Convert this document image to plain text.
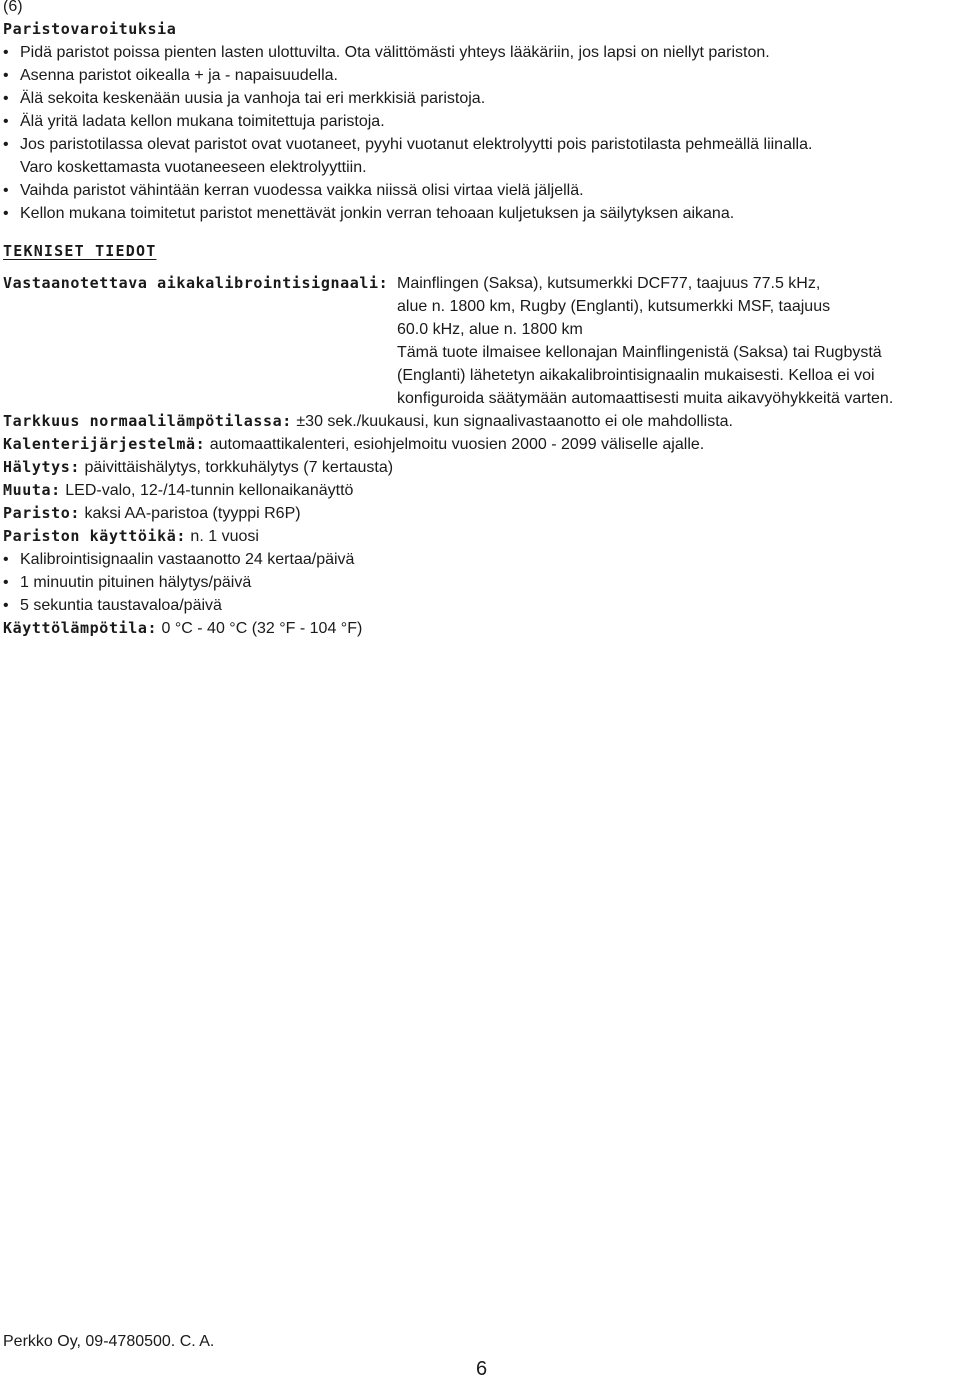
(6)
Paristovaroituksia
• Pidä paristot poissa pienten lasten ulottuvilta. Ota välittömästi yhteys lääkäriin, jos lapsi on niellyt pariston.
• Asenna paristot oikealla + ja - napaisuudella.
• Älä sekoita keskenään uusia ja vanhoja tai eri merkkisiä paristoja.
• Älä yritä ladata kellon mukana toimitettuja paristoja.
• Jos paristotilassa olevat paristot ovat vuotaneet, pyyhi vuotanut elektrolyytti pois paristotilasta pehmeällä liinalla.
Varo koskettamasta vuotaneeseen elektrolyyttiin.
• Vaihda paristot vähintään kerran vuodessa vaikka niissä olisi virtaa vielä jäljellä.
• Kellon mukana toimitetut paristot menettävät jonkin verran tehoaan kuljetuksen ja säilytyksen aikana.
TEKNISET TIEDOT
Vastaanotettava aikakalibrointisignaali: Mainflingen (Saksa), kutsumerkki DCF77, taajuus 77.5 kHz,
alue n. 1800 km, Rugby (Englanti), kutsumerkki MSF, taajuus
60.0 kHz, alue n. 1800 km
Tämä tuote ilmaisee kellonajan Mainflingenistä (Saksa) tai Rugbystä
(Englanti) lähetetyn aikakalibrointisignaalin mukaisesti. Kelloa ei voi
konfiguroida säätymään automaattisesti muita aikavyöhykkeitä varten.
Tarkkuus normaalilämpötilassa: ±30 sek./kuukausi, kun signaalivastaanotto ei ole mahdollista.
Kalenterijärjestelmä: automaattikalenteri, esiohjelmoitu vuosien 2000 - 2099 väliselle ajalle.
Hälytys: päivittäishälytys, torkkuhälytys (7 kertausta)
Muuta: LED-valo, 12-/14-tunnin kellonaikanäyttö
Paristo: kaksi AA-paristoa (tyyppi R6P)
Pariston käyttöikä: n. 1 vuosi
• Kalibrointisignaalin vastaanotto 24 kertaa/päivä
• 1 minuutin pituinen hälytys/päivä
• 5 sekuntia taustavaloa/päivä
Käyttölämpötila: 0 °C - 40 °C (32 °F - 104 °F)
Perkko Oy, 09-4780500. C. A.
6
